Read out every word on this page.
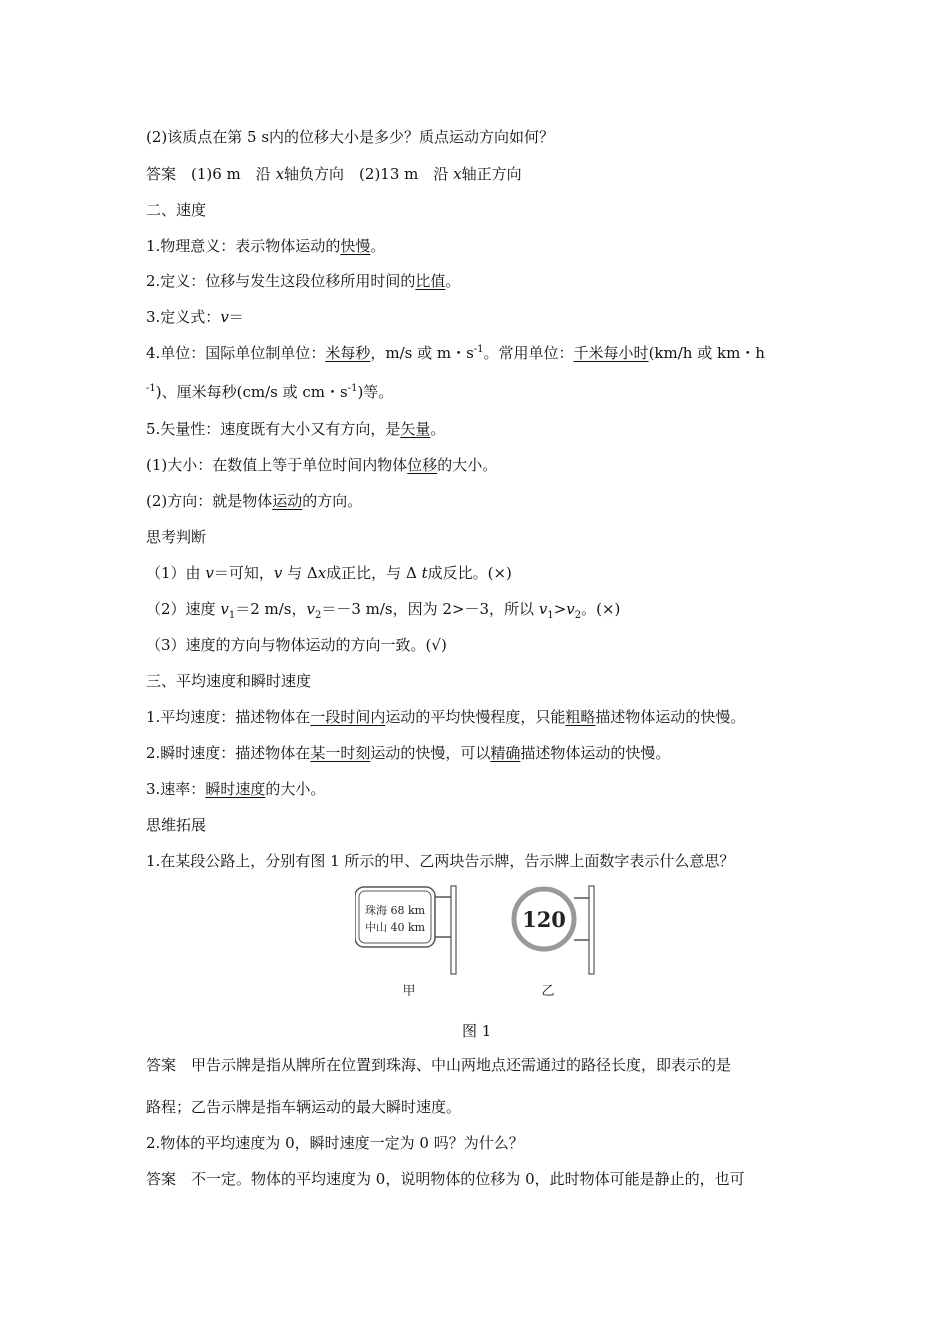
(2)该质点在第 5 s内的位移大小是多少？质点运动方向如何？
答案　(1)6 m　沿 x轴负方向　(2)13 m　沿 x轴正方向
二、速度
1.物理意义：表示物体运动的快慢。
2.定义：位移与发生这段位移所用时间的比值。
3.定义式：v＝
4.单位：国际单位制单位：米每秒，m/s 或 m・$s^{-1}$。常用单位：千米每小时(km/h 或 km・h
$^{-1}$)、厘米每秒(cm/s 或 cm・$s^{-1}$)等。
5.矢量性：速度既有大小又有方向，是矢量。
(1)大小：在数值上等于单位时间内物体位移的大小。
(2)方向：就是物体运动的方向。
思考判断
（1）由 v＝可知，v 与 Δx成正比，与 Δ t成反比。(×)
（2）速度 $v_1=2$ m/s，$v_2=-3$ m/s，因为 2>－3，所以 $v_1>v_2$。(×)
（3）速度的方向与物体运动的方向一致。(√)
三、平均速度和瞬时速度
1.平均速度：描述物体在一段时间内运动的平均快慢程度，只能粗略描述物体运动的快慢。
2.瞬时速度：描述物体在某一时刻运动的快慢，可以精确描述物体运动的快慢。
3.速率：瞬时速度的大小。
思维拓展
1.在某段公路上，分别有图 1 所示的甲、乙两块告示牌，告示牌上面数字表示什么意思？
珠海 68 km
中山 40 km	120
甲	乙
图 1
答案　甲告示牌是指从牌所在位置到珠海、中山两地点还需通过的路径长度，即表示的是
路程；乙告示牌是指车辆运动的最大瞬时速度。
2.物体的平均速度为 0，瞬时速度一定为 0 吗？为什么？
答案　不一定。物体的平均速度为 0，说明物体的位移为 0，此时物体可能是静止的，也可
